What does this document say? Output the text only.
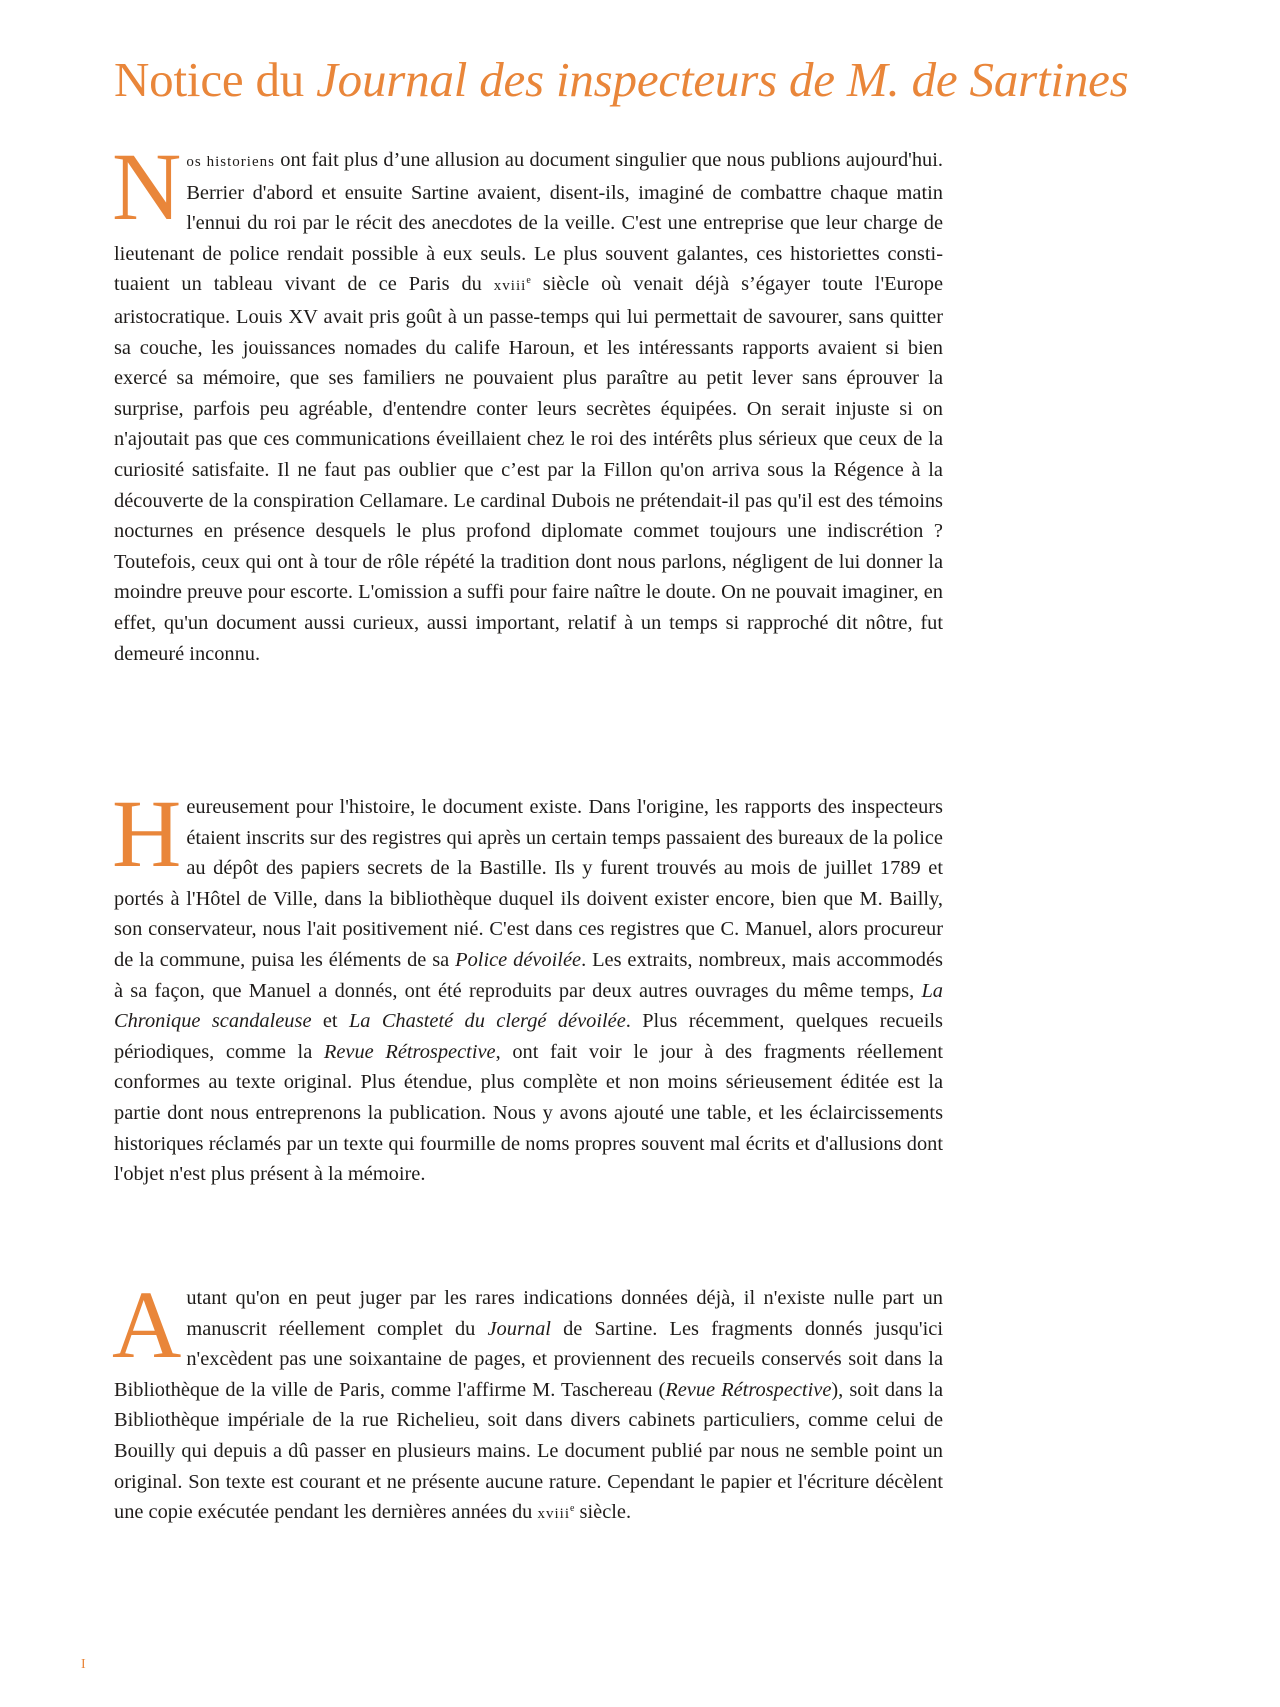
Notice du Journal des inspecteurs de M. de Sartines

Nos historiens ont fait plus d’une allusion au document singulier que nous publions aujourd'hui. Berrier d'abord et ensuite Sartine avaient, disent-ils, imaginé de combattre chaque matin l'ennui du roi par le récit des anecdotes de la veille. C'est une entreprise que leur charge de lieutenant de police rendait possible à eux seuls. Le plus souvent galantes, ces historiettes constituaient un tableau vivant de ce Paris du xviii$^e$ siècle où venait déjà s’égayer toute l'Europe aristocratique. Louis XV avait pris goût à un passe-temps qui lui permettait de savourer, sans quitter sa couche, les jouissances nomades du calife Haroun, et les intéressants rapports avaient si bien exercé sa mémoire, que ses familiers ne pouvaient plus paraître au petit lever sans éprouver la surprise, parfois peu agréable, d'entendre conter leurs secrètes équipées. On serait injuste si on n'ajoutait pas que ces communications éveillaient chez le roi des intérêts plus sérieux que ceux de la curiosité satisfaite. Il ne faut pas oublier que c’est par la Fillon qu'on arriva sous la Régence à la découverte de la conspiration Cellamare. Le cardinal Dubois ne prétendait-il pas qu'il est des témoins nocturnes en présence desquels le plus profond diplomate commet toujours une indiscrétion ? Toutefois, ceux qui ont à tour de rôle répété la tradition dont nous parlons, négligent de lui donner la moindre preuve pour escorte. L'omission a suffi pour faire naître le doute. On ne pouvait imaginer, en effet, qu'un document aussi curieux, aussi important, relatif à un temps si rapproché dit nôtre, fut demeuré inconnu.

Heureusement pour l'histoire, le document existe. Dans l'origine, les rapports des inspecteurs étaient inscrits sur des registres qui après un certain temps passaient des bureaux de la police au dépôt des papiers secrets de la Bastille. Ils y furent trouvés au mois de juillet 1789 et portés à l'Hôtel de Ville, dans la bibliothèque duquel ils doivent exister encore, bien que M. Bailly, son conservateur, nous l'ait positivement nié. C'est dans ces registres que C. Manuel, alors procureur de la commune, puisa les éléments de sa Police dévoilée. Les extraits, nombreux, mais accommodés à sa façon, que Manuel a donnés, ont été reproduits par deux autres ouvrages du même temps, La Chronique scandaleuse et La Chasteté du clergé dévoilée. Plus récemment, quelques recueils périodiques, comme la Revue Rétrospective, ont fait voir le jour à des fragments réellement conformes au texte original. Plus étendue, plus complète et non moins sérieusement éditée est la partie dont nous entreprenons la publication. Nous y avons ajouté une table, et les éclaircissements historiques réclamés par un texte qui fourmille de noms propres souvent mal écrits et d'allusions dont l'objet n'est plus présent à la mémoire.

Autant qu'on en peut juger par les rares indications données déjà, il n'existe nulle part un manuscrit réellement complet du Journal de Sartine. Les fragments donnés jusqu'ici n'excèdent pas une soixantaine de pages, et proviennent des recueils conservés soit dans la Bibliothèque de la ville de Paris, comme l'affirme M. Taschereau (Revue Rétrospective), soit dans la Bibliothèque impériale de la rue Richelieu, soit dans divers cabinets particuliers, comme celui de Bouilly qui depuis a dû passer en plusieurs mains. Le document publié par nous ne semble point un original. Son texte est courant et ne présente aucune rature. Cependant le papier et l'écriture décèlent une copie exécutée pendant les dernières années du xviii$^e$ siècle.

I
